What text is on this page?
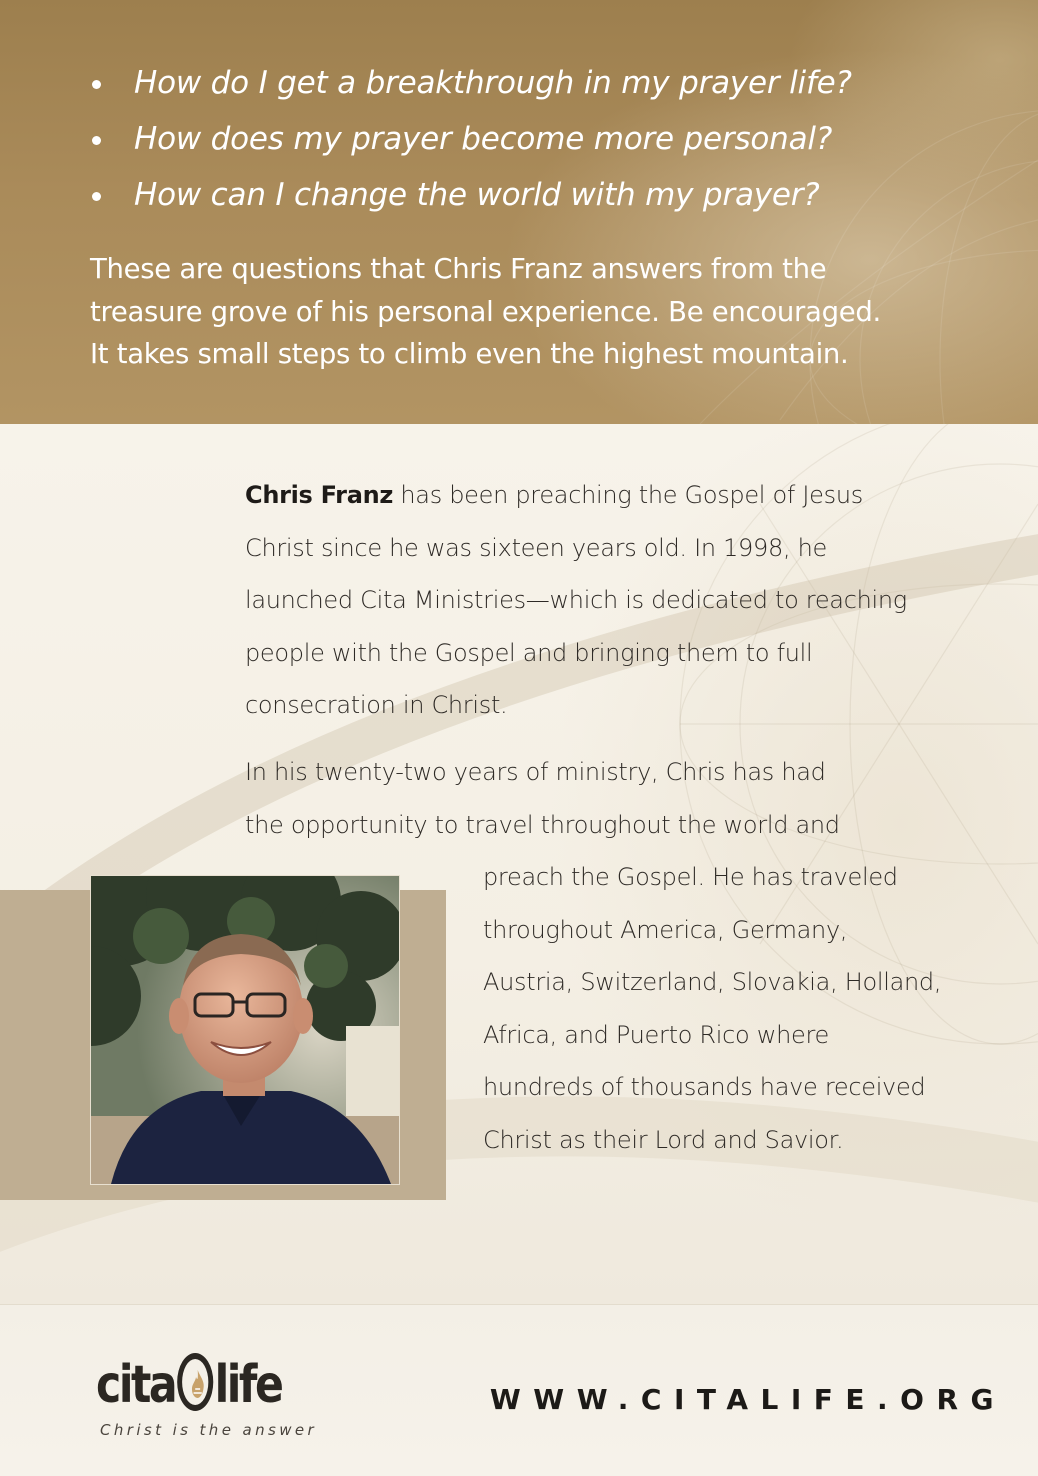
How do I get a breakthrough in my prayer life?
How does my prayer become more personal?
How can I change the world with my prayer?

These are questions that Chris Franz answers from the
treasure grove of his personal experience. Be encouraged.
It takes small steps to climb even the highest mountain.

Chris Franz has been preaching the Gospel of Jesus
Christ since he was sixteen years old. In 1998, he
launched Cita Ministries—which is dedicated to reaching
people with the Gospel and bringing them to full
consecration in Christ.
In his twenty-two years of ministry, Chris has had
the opportunity to travel throughout the world and
preach the Gospel. He has traveled
throughout America, Germany,
Austria, Switzerland, Slovakia, Holland,
Africa, and Puerto Rico where
hundreds of thousands have received
Christ as their Lord and Savior.
cita life
Christ is the answer
WWW.CITALIFE.ORG
